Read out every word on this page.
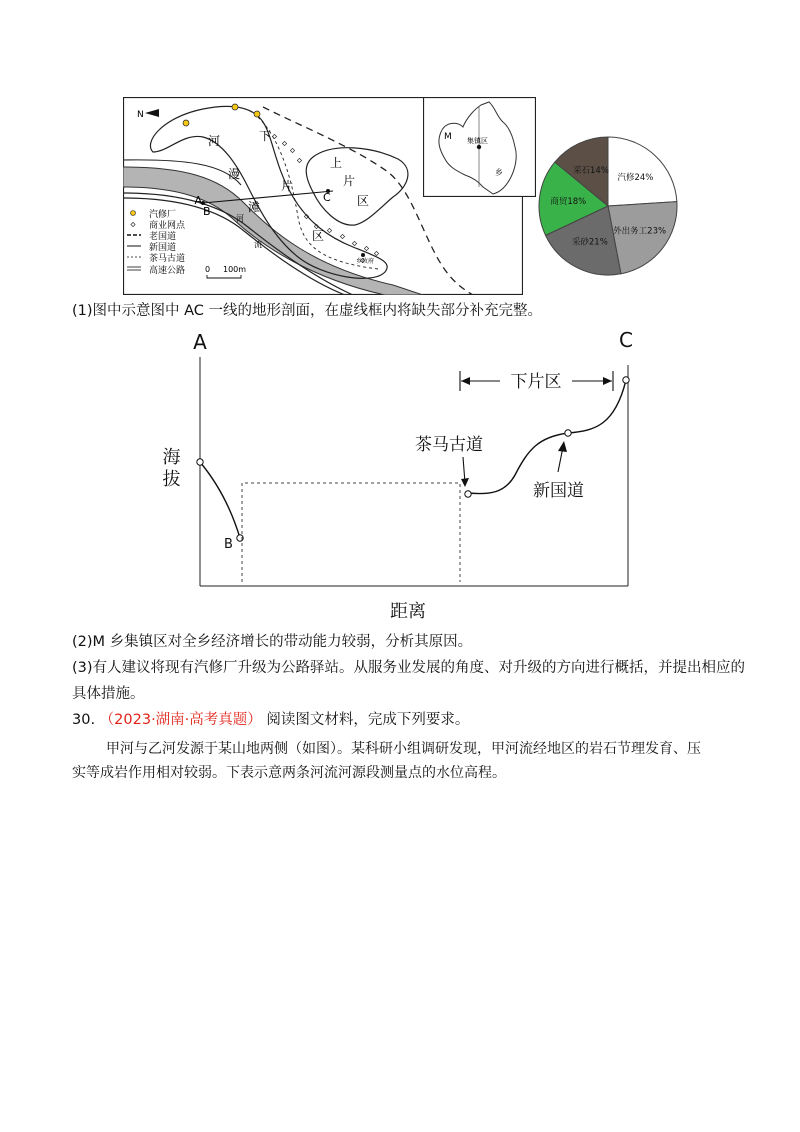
N
河
漫
滩
下
片
区
上
片
区
A
B
C
河
流
乡政府
汽修厂
商业网点
老国道
新国道
茶马古道
高速公路 0 100m
M 集镇区
乡
汽修24%
外出务工23%
采砂21%
商贸18%
采石14%
(1)图中示意图中 AC 一线的地形剖面，在虚线框内将缺失部分补充完整。
A	C
海拔
距离
B
茶马古道
新国道
下片区
(2)M 乡集镇区对全乡经济增长的带动能力较弱，分析其原因。
(3)有人建议将现有汽修厂升级为公路驿站。从服务业发展的角度、对升级的方向进行概括，并提出相应的
具体措施。
30. （2023·湖南·高考真题） 阅读图文材料，完成下列要求。
甲河与乙河发源于某山地两侧（如图）。某科研小组调研发现，甲河流经地区的岩石节理发育、压
实等成岩作用相对较弱。下表示意两条河流河源段测量点的水位高程。
